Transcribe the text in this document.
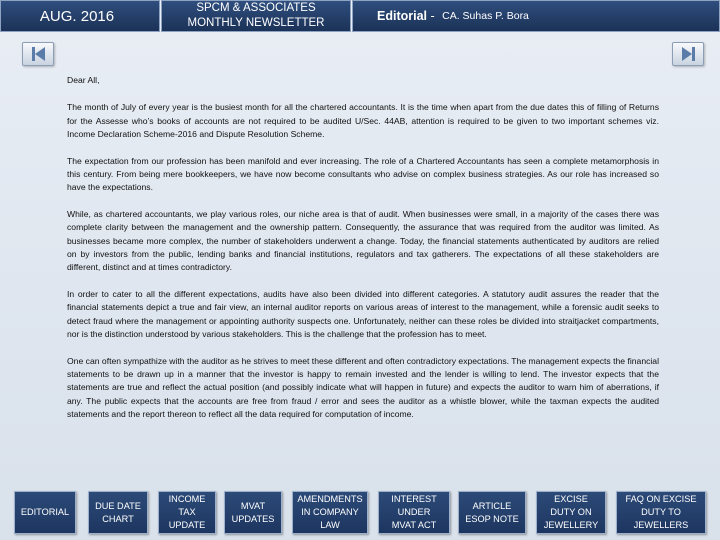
AUG. 2016	SPCM & ASSOCIATES
MONTHLY NEWSLETTER	Editorial - CA. Suhas P. Bora

Dear All,

The month of July of every year is the busiest month for all the chartered accountants. It is the time when apart from the due dates this of filling of Returns for the Assesse who’s books of accounts are not required to be audited U/Sec. 44AB, attention is required to be given to two important schemes viz. Income Declaration Scheme-2016 and Dispute Resolution Scheme.

The expectation from our profession has been manifold and ever increasing. The role of a Chartered Accountants has seen a complete metamorphosis in this century. From being mere bookkeepers, we have now become consultants who advise on complex business strategies. As our role has increased so have the expectations.

While, as chartered accountants, we play various roles, our niche area is that of audit. When businesses were small, in a majority of the cases there was complete clarity between the management and the ownership pattern. Consequently, the assurance that was required from the auditor was limited. As businesses became more complex, the number of stakeholders underwent a change. Today, the financial statements authenticated by auditors are relied on by investors from the public, lending banks and financial institutions, regulators and tax gatherers. The expectations of all these stakeholders are different, distinct and at times contradictory.

In order to cater to all the different expectations, audits have also been divided into different categories. A statutory audit assures the reader that the financial statements depict a true and fair view, an internal auditor reports on various areas of interest to the management, while a forensic audit seeks to detect fraud where the management or appointing authority suspects one. Unfortunately, neither can these roles be divided into straitjacket compartments, nor is the distinction understood by various stakeholders. This is the challenge that the profession has to meet.

One can often sympathize with the auditor as he strives to meet these different and often contradictory expectations. The management expects the financial statements to be drawn up in a manner that the investor is happy to remain invested and the lender is willing to lend. The investor expects that the statements are true and reflect the actual position (and possibly indicate what will happen in future) and expects the auditor to warn him of aberrations, if any. The public expects that the accounts are free from fraud / error and sees the auditor as a whistle blower, while the taxman expects the audited statements and the report thereon to reflect all the data required for computation of income.

EDITORIAL
DUE DATE
CHART
INCOME
TAX
UPDATE
MVAT
UPDATES
AMENDMENTS
IN COMPANY
LAW
INTEREST
UNDER
MVAT ACT
ARTICLE
ESOP NOTE
EXCISE
DUTY ON
JEWELLERY
FAQ ON EXCISE
DUTY TO
JEWELLERS
